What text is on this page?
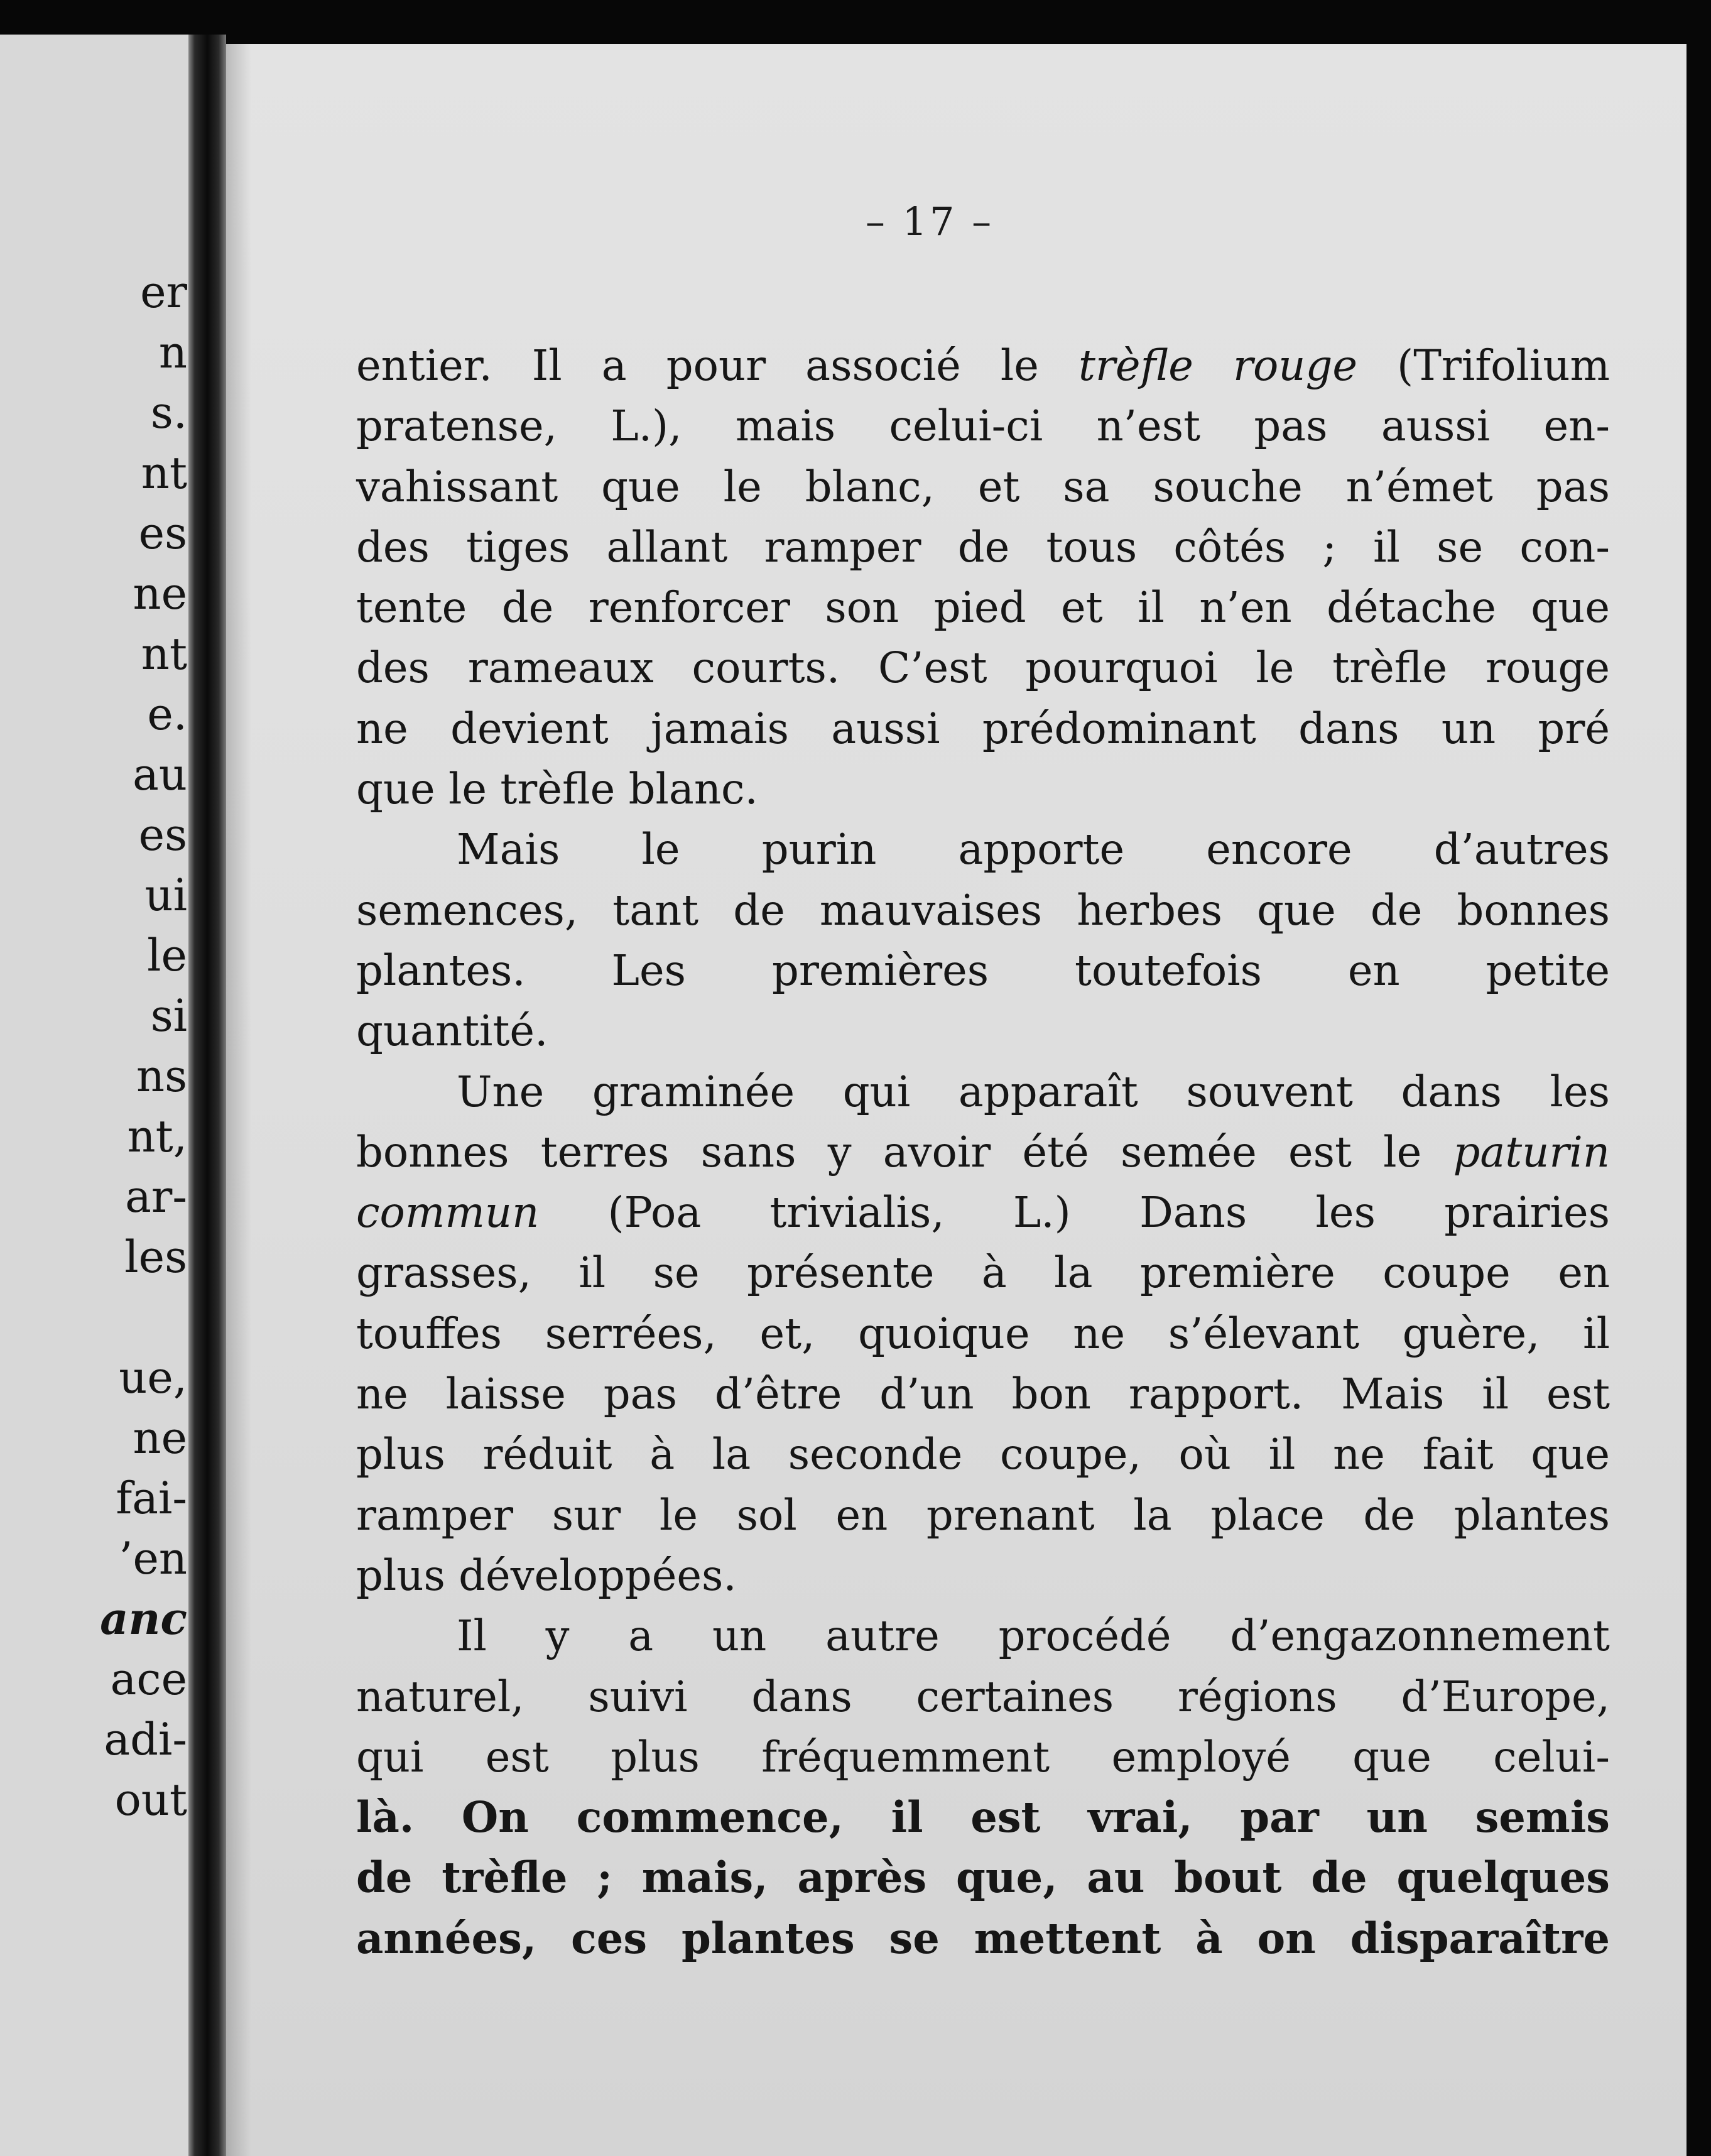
er
n
s.
nt
es
ne
nt
e.
au
es
ui
le
si
ns
nt,
ar-
les
ue,
ne
fai-
’en
anc
ace
adi-
out
– 17 –
entier. Il a pour associé le trèfle rouge (Trifolium
pratense, L.), mais celui-ci n’est pas aussi en-
vahissant que le blanc, et sa souche n’émet pas
des tiges allant ramper de tous côtés ; il se con-
tente de renforcer son pied et il n’en détache que
des rameaux courts. C’est pourquoi le trèfle rouge
ne devient jamais aussi prédominant dans un pré
que le trèfle blanc.
Mais le purin apporte encore d’autres
semences, tant de mauvaises herbes que de bonnes
plantes. Les premières toutefois en petite
quantité.
Une graminée qui apparaît souvent dans les
bonnes terres sans y avoir été semée est le paturin
commun (Poa trivialis, L.) Dans les prairies
grasses, il se présente à la première coupe en
touffes serrées, et, quoique ne s’élevant guère, il
ne laisse pas d’être d’un bon rapport. Mais il est
plus réduit à la seconde coupe, où il ne fait que
ramper sur le sol en prenant la place de plantes
plus développées.
Il y a un autre procédé d’engazonnement
naturel, suivi dans certaines régions d’Europe,
qui est plus fréquemment employé que celui-
là. On commence, il est vrai, par un semis
de trèfle ; mais, après que, au bout de quelques
années, ces plantes se mettent à on disparaître
